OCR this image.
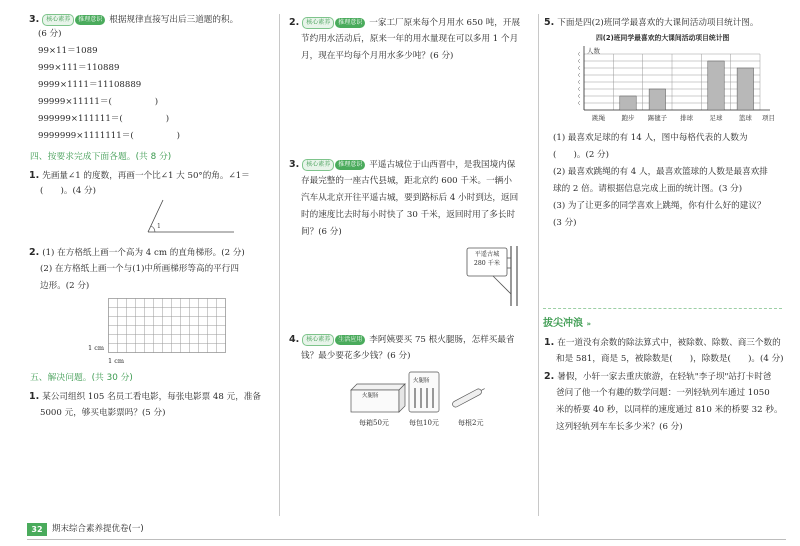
3. 核心素养 推理意识 根据规律直接写出后三道题的积。
(6 分)
99×11＝1089
999×111＝110889
9999×1111＝11108889
99999×11111＝(　　　　　)
999999×111111＝(　　　　　)
9999999×1111111＝(　　　　　)
四、按要求完成下面各题。(共 8 分)
1. 先画量∠1 的度数，再画一个比∠1 大 50°的角。∠1＝
(　　)。(4 分)
1
2. (1) 在方格纸上画一个高为 4 cm 的直角梯形。(2 分)
(2) 在方格纸上画一个与(1)中所画梯形等高的平行四
边形。(2 分)
1 cm
1 cm
五、解决问题。(共 30 分)
1. 某公司组织 105 名员工看电影，每张电影票 48 元，准备
5000 元，够买电影票吗？(5 分)
2. 核心素养 推理意识 一家工厂原来每个月用水 650 吨，开展
节约用水活动后，原来一年的用水量现在可以多用 1 个月
月，现在平均每个月用水多少吨？(6 分)
3. 核心素养 推理意识 平遥古城位于山西晋中，是我国境内保
存最完整的一座古代县城，距北京约 600 千米。一辆小
汽车从北京开往平遥古城，要到路标后 4 小时到达，返回
时的速度比去时每小时快了 30 千米，返回时用了多长时
间？(6 分)
平遥古城
280 千米
4. 核心素养 生活应用 李阿姨要买 75 根火腿肠，怎样买最省
钱？最少要花多少钱？(6 分)
火腿肠
火腿肠
每箱50元	每包10元	每根2元
5. 下面是四(2)班同学最喜欢的大课间活动项目统计图。
四(2)班同学最喜欢的大课间活动项目统计图
跳绳	跑步 踢毽子 排球	足球	篮球
人数
项目
(1) 最喜欢足球的有 14 人，图中每格代表的人数为
(　　)。(2 分)
(2) 最喜欢跳绳的有 4 人，最喜欢篮球的人数是最喜欢排
球的 2 倍。请根据信息完成上面的统计图。(3 分)
(3) 为了让更多的同学喜欢上跳绳，你有什么好的建议？
(3 分)
拔尖冲浪 »
1. 在一道没有余数的除法算式中，被除数、除数、商三个数的
和是 581，商是 5，被除数是(　　)，除数是(　　)。(4 分)
2. 暑假，小轩一家去重庆旅游，在轻轨"李子坝"站打卡时爸
爸问了他一个有趣的数学问题：一列轻轨列车通过 1050
米的桥要 40 秒，以同样的速度通过 810 米的桥要 32 秒。
这列轻轨列车车长多少米？(6 分)
32	期末综合素养提优卷(一)
